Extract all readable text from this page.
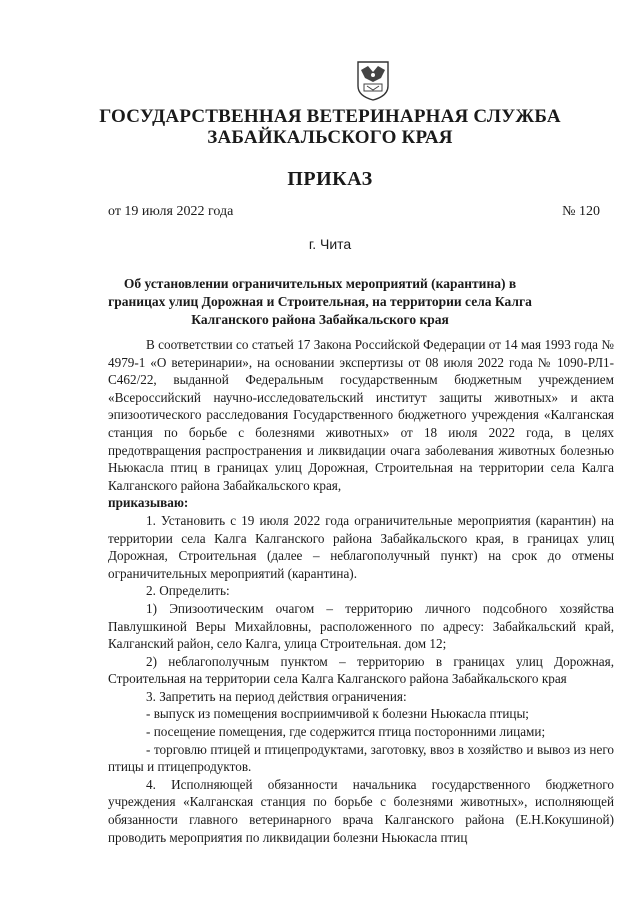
ГОСУДАРСТВЕННАЯ ВЕТЕРИНАРНАЯ СЛУЖБА
ЗАБАЙКАЛЬСКОГО КРАЯ
ПРИКАЗ
от 19 июля 2022 года	№ 120
г. Чита
Об установлении ограничительных мероприятий (карантина) в границах улиц Дорожная и Строительная, на территории села Калга Калганского района Забайкальского края

В соответствии со статьей 17 Закона Российской Федерации от 14 мая 1993 года № 4979-1 «О ветеринарии», на основании экспертизы от 08 июля 2022 года № 1090-РЛ1-С462/22, выданной Федеральным государственным бюджетным учреждением «Всероссийский научно-исследовательский институт защиты животных» и акта эпизоотического расследования Государственного бюджетного учреждения «Калганская станция по борьбе с болезнями животных» от 18 июля 2022 года, в целях предотвращения распространения и ликвидации очага заболевания животных болезнью Ньюкасла птиц в границах улиц Дорожная, Строительная на территории села Калга Калганского района Забайкальского края,

приказываю:

1. Установить с 19 июля 2022 года ограничительные мероприятия (карантин) на территории села Калга Калганского района Забайкальского края, в границах улиц Дорожная, Строительная (далее – неблагополучный пункт) на срок до отмены ограничительных мероприятий (карантина).

2. Определить:

1) Эпизоотическим очагом – территорию личного подсобного хозяйства Павлушкиной Веры Михайловны, расположенного по адресу: Забайкальский край, Калганский район, село Калга, улица Строительная. дом 12;

2) неблагополучным пунктом – территорию в границах улиц Дорожная, Строительная на территории села Калга Калганского района Забайкальского края

3. Запретить на период действия ограничения:

- выпуск из помещения восприимчивой к болезни Ньюкасла птицы;

- посещение помещения, где содержится птица посторонними лицами;

- торговлю птицей и птицепродуктами, заготовку, ввоз в хозяйство и вывоз из него птицы и птицепродуктов.

4. Исполняющей обязанности начальника государственного бюджетного учреждения «Калганская станция по борьбе с болезнями животных», исполняющей обязанности главного ветеринарного врача Калганского района (Е.Н.Кокушиной) проводить мероприятия по ликвидации болезни Ньюкасла птиц
